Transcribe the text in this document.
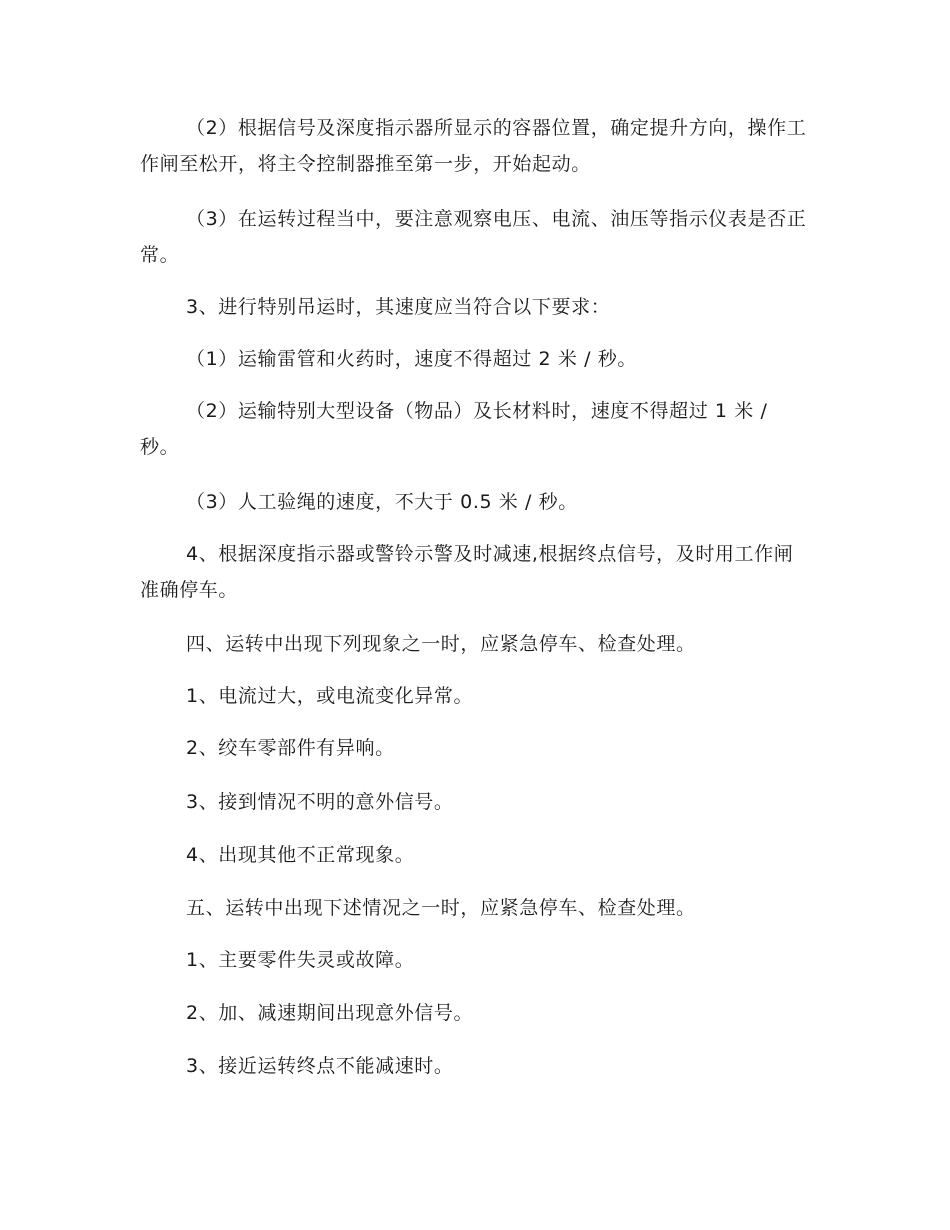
（2）根据信号及深度指示器所显示的容器位置，确定提升方向，操作工作闸至松开，将主令控制器推至第一步，开始起动。

（3）在运转过程当中，要注意观察电压、电流、油压等指示仪表是否正常。

3、进行特别吊运时，其速度应当符合以下要求：

（1）运输雷管和火药时，速度不得超过 2 米 / 秒。

（2）运输特别大型设备（物品）及长材料时，速度不得超过 1 米 / 秒。

（3）人工验绳的速度，不大于 0.5 米 / 秒。

4、根据深度指示器或警铃示警及时减速,根据终点信号，及时用工作闸准确停车。

四、运转中出现下列现象之一时，应紧急停车、检查处理。

1、电流过大，或电流变化异常。

2、绞车零部件有异响。

3、接到情况不明的意外信号。

4、出现其他不正常现象。

五、运转中出现下述情况之一时，应紧急停车、检查处理。

1、主要零件失灵或故障。

2、加、减速期间出现意外信号。

3、接近运转终点不能减速时。
